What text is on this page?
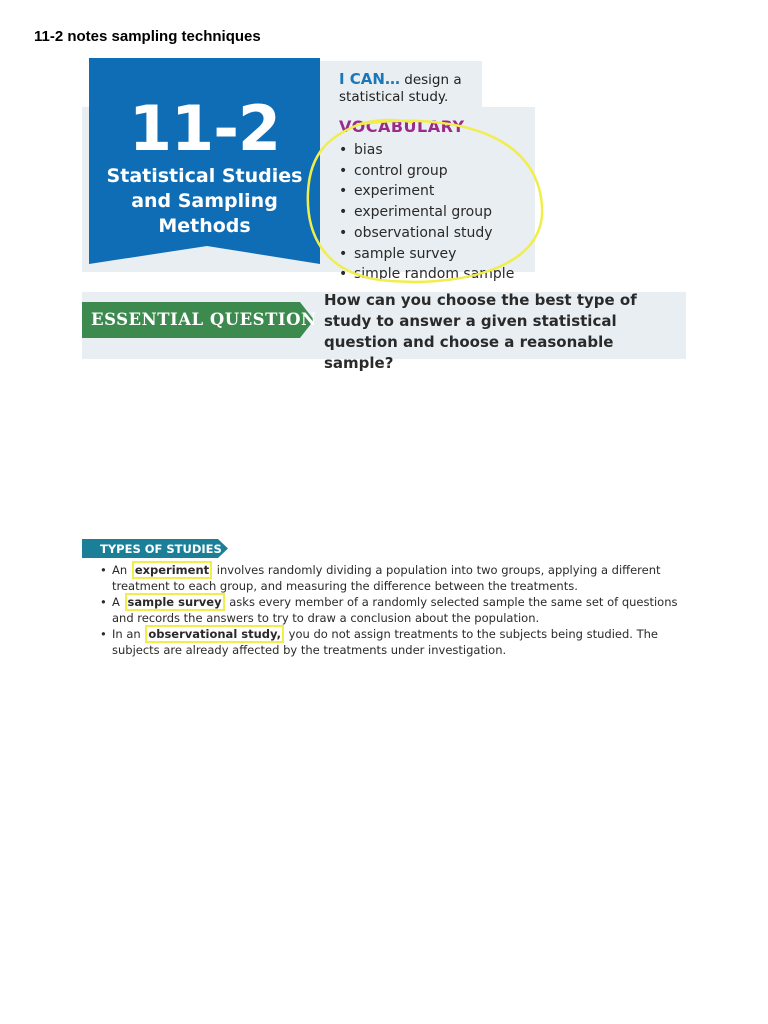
11-2 notes sampling techniques
11-2
Statistical Studies
and Sampling
Methods
I CAN… design a statistical study.
VOCABULARY
• bias
• control group
• experiment
• experimental group
• observational study
• sample survey
• simple random sample
ESSENTIAL QUESTION
How can you choose the best type of study to answer a given statistical question and choose a reasonable sample?
TYPES OF STUDIES
• An experiment involves randomly dividing a population into two groups, applying a different treatment to each group, and measuring the difference between the treatments.
• A sample survey asks every member of a randomly selected sample the same set of questions and records the answers to try to draw a conclusion about the population.
• In an observational study, you do not assign treatments to the subjects being studied. The subjects are already affected by the treatments under investigation.
